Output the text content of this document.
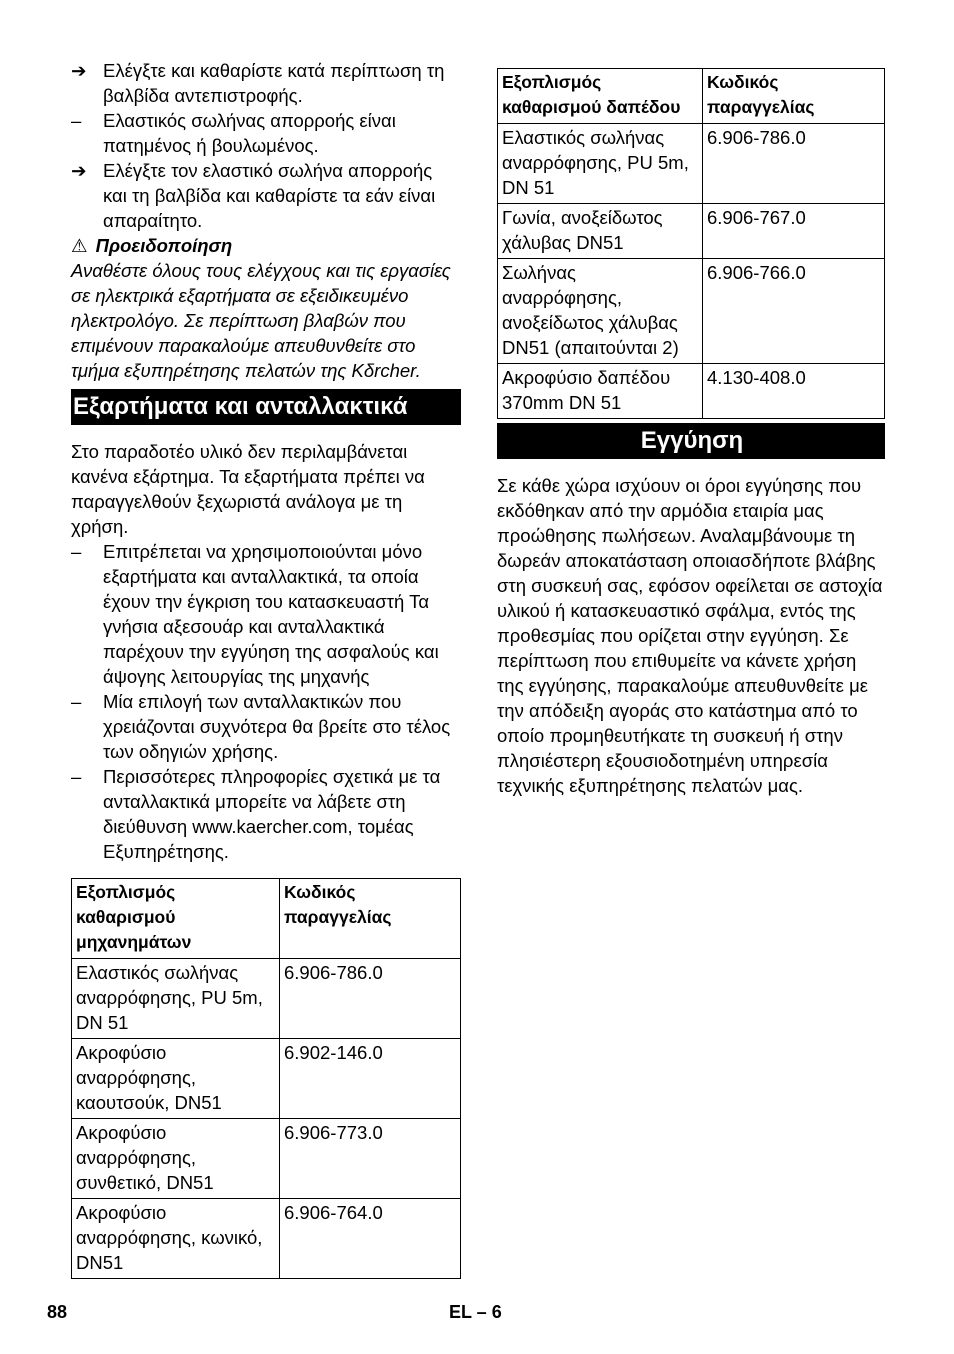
➔ Ελέγξτε και καθαρίστε κατά περίπτωση τη βαλβίδα αντεπιστροφής.
– Ελαστικός σωλήνας απορροής είναι πατημένος ή βουλωμένος.
➔ Ελέγξτε τον ελαστικό σωλήνα απορροής και τη βαλβίδα και καθαρίστε τα εάν είναι απαραίτητο.
⚠ Προειδοποίηση
Αναθέστε όλους τους ελέγχους και τις εργασίες σε ηλεκτρικά εξαρτήματα σε εξειδικευμένο ηλεκτρολόγο. Σε περίπτωση βλαβών που επιμένουν παρακαλούμε απευθυνθείτε στο τμήμα εξυπηρέτησης πελατών της Kδrcher.
Εξαρτήματα και ανταλλακτικά
Στο παραδοτέο υλικό δεν περιλαμβάνεται κανένα εξάρτημα. Τα εξαρτήματα πρέπει να παραγγελθούν ξεχωριστά ανάλογα με τη χρήση.
– Επιτρέπεται να χρησιμοποιούνται μόνο εξαρτήματα και ανταλλακτικά, τα οποία έχουν την έγκριση του κατασκευαστή Τα γνήσια αξεσουάρ και ανταλλακτικά παρέχουν την εγγύηση της ασφαλούς και άψογης λειτουργίας της μηχανής
– Μία επιλογή των ανταλλακτικών που χρειάζονται συχνότερα θα βρείτε στο τέλος των οδηγιών χρήσης.
– Περισσότερες πληροφορίες σχετικά με τα ανταλλακτικά μπορείτε να λάβετε στη διεύθυνση www.kaercher.com, τομέας Εξυπηρέτησης.
Εξοπλισμός καθαρισμού μηχανημάτων	Κωδικός παραγγελίας
Ελαστικός σωλήνας αναρρόφησης, PU 5m, DN 51	6.906-786.0
Ακροφύσιο αναρρόφησης, καουτσούκ, DN51	6.902-146.0
Ακροφύσιο αναρρόφησης, συνθετικό, DN51	6.906-773.0
Ακροφύσιο αναρρόφησης, κωνικό, DN51	6.906-764.0
Εξοπλισμός καθαρισμού δαπέδου	Κωδικός παραγγελίας
Ελαστικός σωλήνας αναρρόφησης, PU 5m, DN 51	6.906-786.0
Γωνία, ανοξείδωτος χάλυβας DN51	6.906-767.0
Σωλήνας αναρρόφησης, ανοξείδωτος χάλυβας DN51 (απαιτούνται 2)	6.906-766.0
Ακροφύσιο δαπέδου 370mm DN 51	4.130-408.0
Εγγύηση
Σε κάθε χώρα ισχύουν οι όροι εγγύησης που εκδόθηκαν από την αρμόδια εταιρία μας προώθησης πωλήσεων. Αναλαμβάνουμε τη δωρεάν αποκατάσταση οποιασδήποτε βλάβης στη συσκευή σας, εφόσον οφείλεται σε αστοχία υλικού ή κατασκευαστικό σφάλμα, εντός της προθεσμίας που ορίζεται στην εγγύηση. Σε περίπτωση που επιθυμείτε να κάνετε χρήση της εγγύησης, παρακαλούμε απευθυνθείτε με την απόδειξη αγοράς στο κατάστημα από το οποίο προμηθευτήκατε τη συσκευή ή στην πλησιέστερη εξουσιοδοτημένη υπηρεσία τεχνικής εξυπηρέτησης πελατών μας.
88	EL – 6
